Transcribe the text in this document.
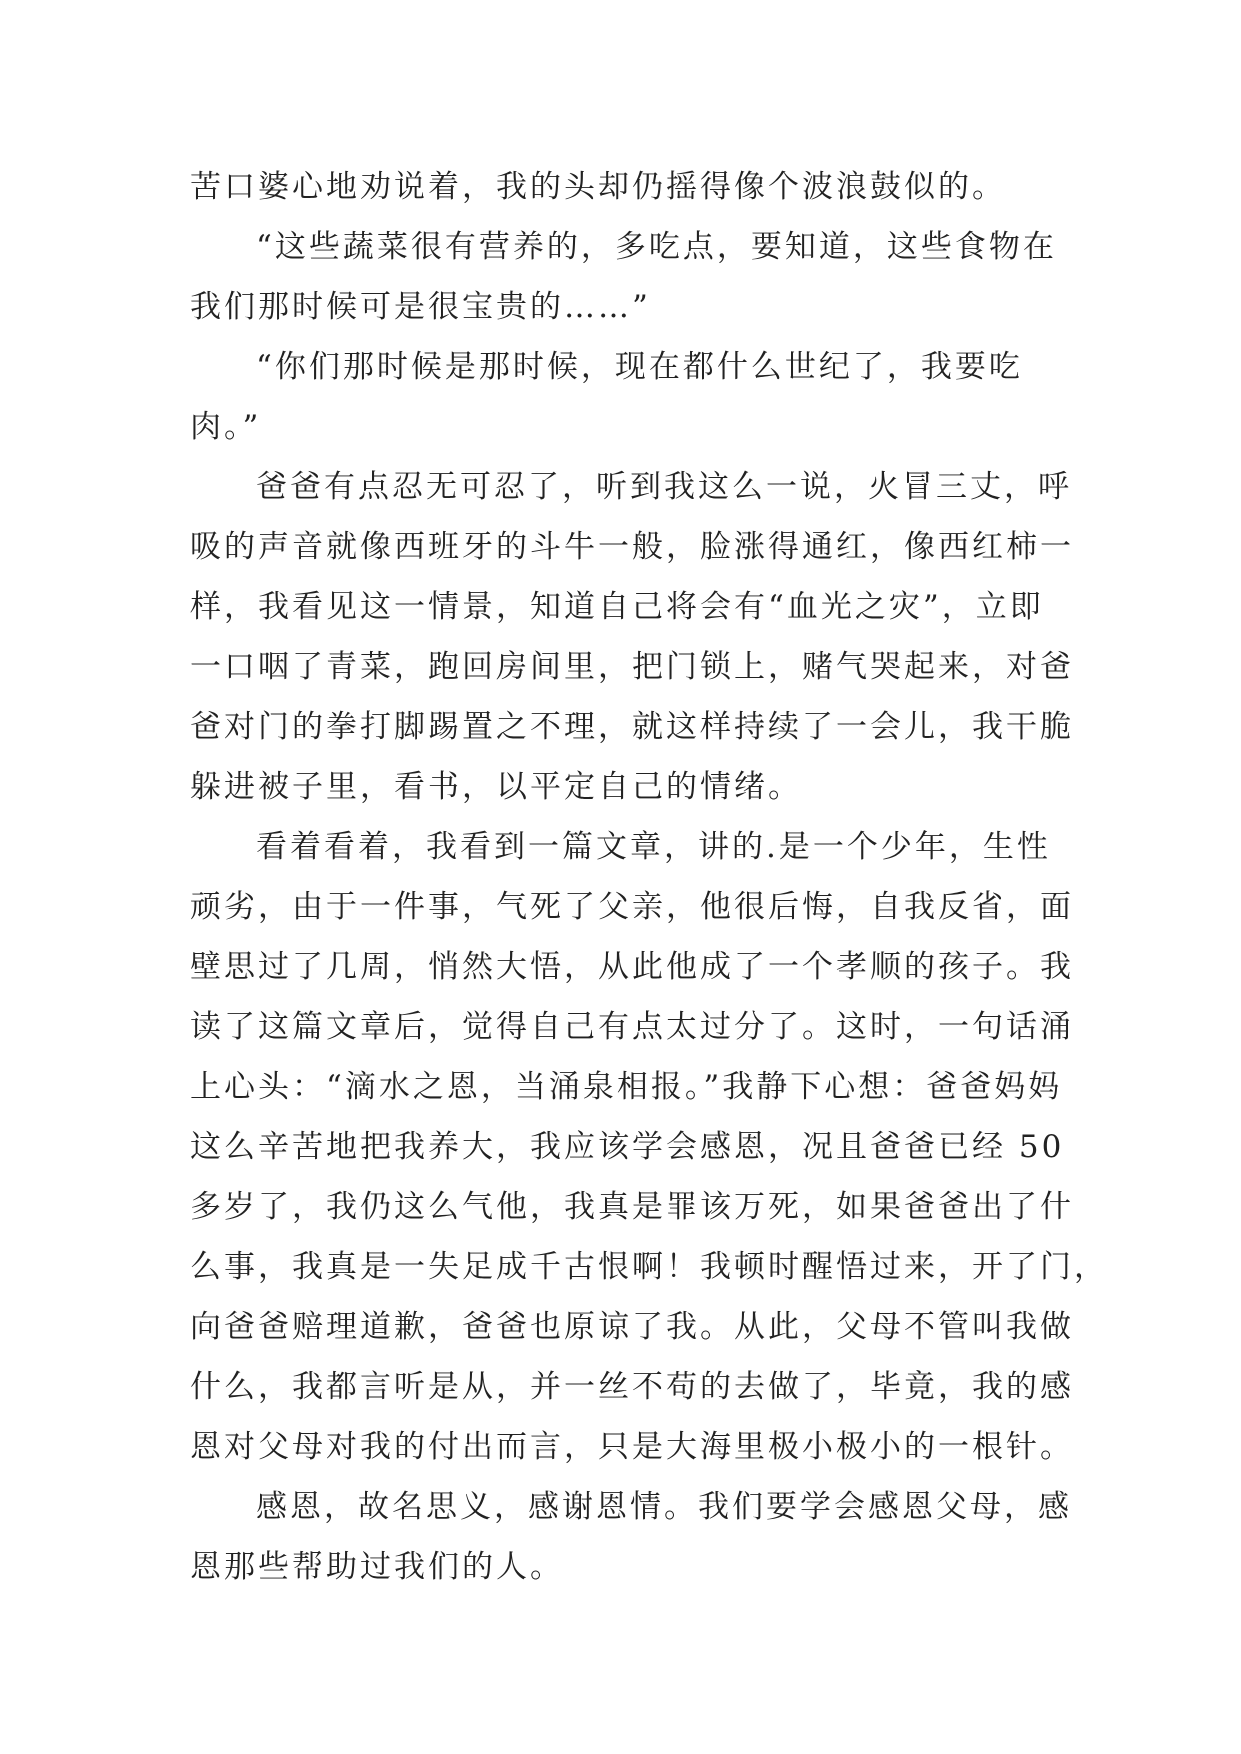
苦口婆心地劝说着，我的头却仍摇得像个波浪鼓似的。
“这些蔬菜很有营养的，多吃点，要知道，这些食物在
我们那时候可是很宝贵的……”
“你们那时候是那时候，现在都什么世纪了，我要吃
肉。”
爸爸有点忍无可忍了，听到我这么一说，火冒三丈，呼
吸的声音就像西班牙的斗牛一般，脸涨得通红，像西红柿一
样，我看见这一情景，知道自己将会有“血光之灾”，立即
一口咽了青菜，跑回房间里，把门锁上，赌气哭起来，对爸
爸对门的拳打脚踢置之不理，就这样持续了一会儿，我干脆
躲进被子里，看书，以平定自己的情绪。
看着看着，我看到一篇文章，讲的.是一个少年，生性
顽劣，由于一件事，气死了父亲，他很后悔，自我反省，面
壁思过了几周，悄然大悟，从此他成了一个孝顺的孩子。我
读了这篇文章后，觉得自己有点太过分了。这时，一句话涌
上心头：“滴水之恩，当涌泉相报。”我静下心想：爸爸妈妈
这么辛苦地把我养大，我应该学会感恩，况且爸爸已经 50
多岁了，我仍这么气他，我真是罪该万死，如果爸爸出了什
么事，我真是一失足成千古恨啊！我顿时醒悟过来，开了门，
向爸爸赔理道歉，爸爸也原谅了我。从此，父母不管叫我做
什么，我都言听是从，并一丝不苟的去做了，毕竟，我的感
恩对父母对我的付出而言，只是大海里极小极小的一根针。
感恩，故名思义，感谢恩情。我们要学会感恩父母，感
恩那些帮助过我们的人。
